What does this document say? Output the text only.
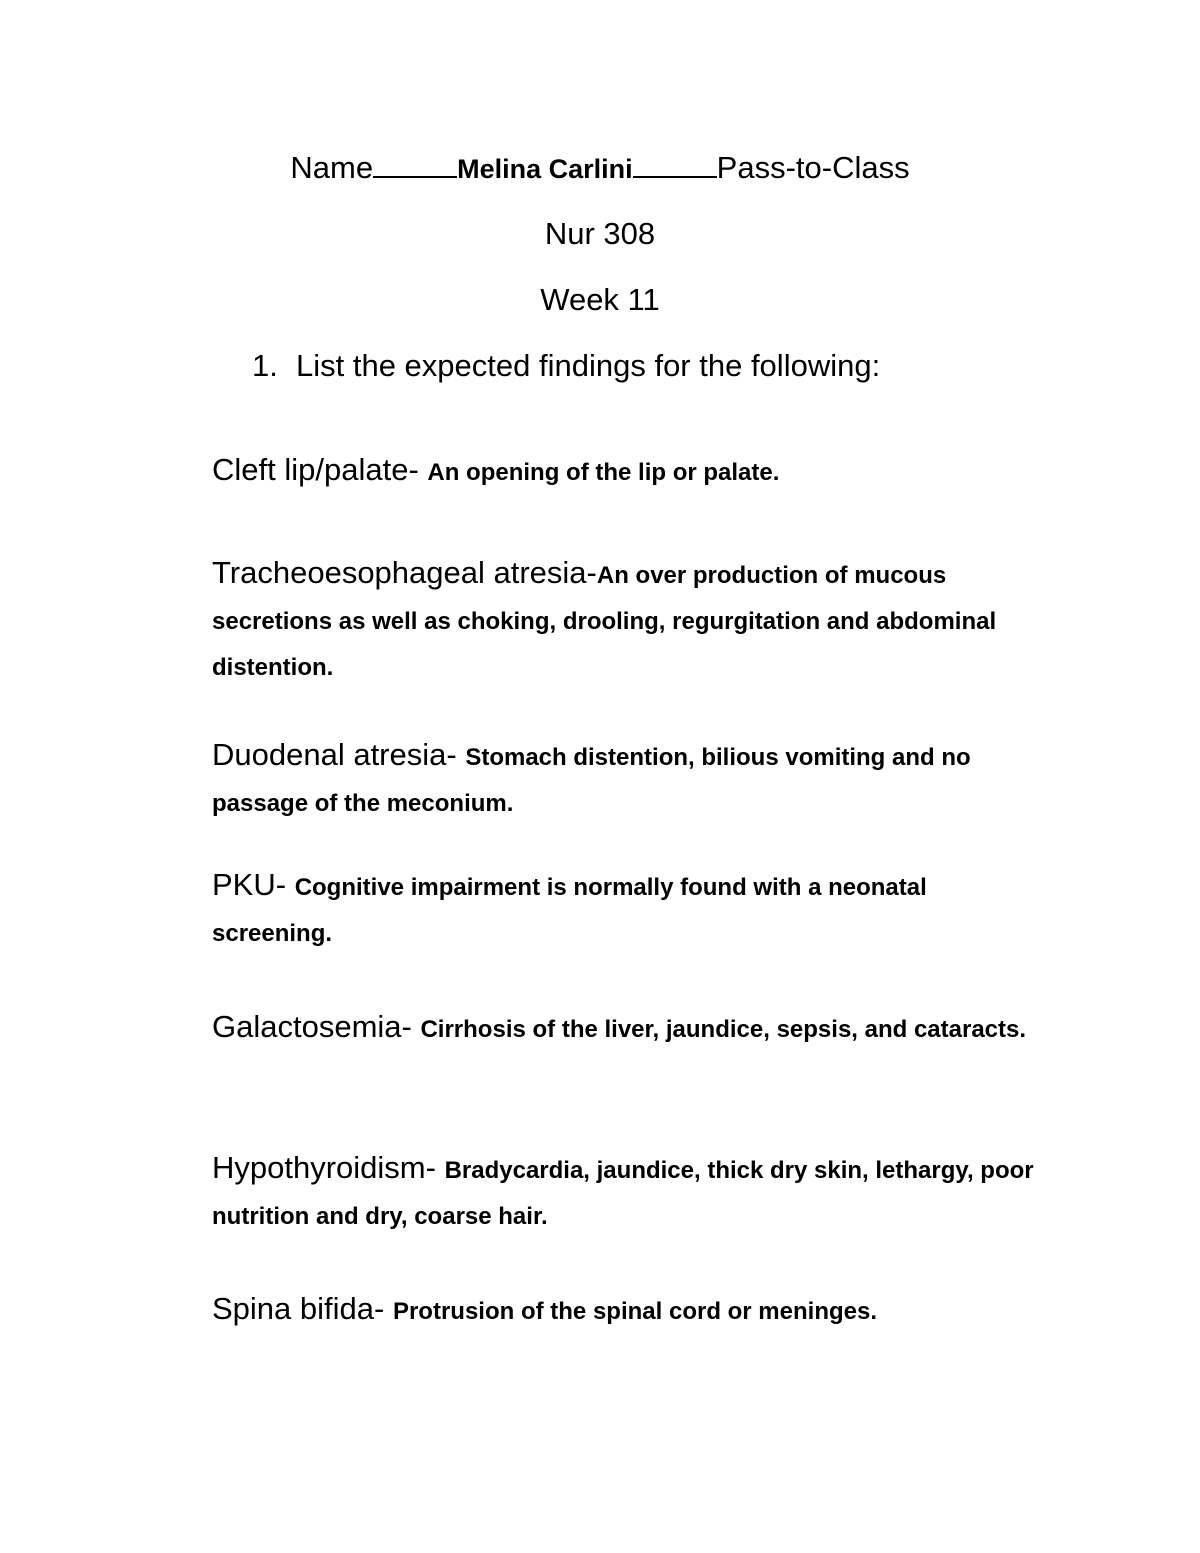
Name	Melina Carlini	Pass-to-Class
Nur 308
Week 11
1. List the expected findings for the following:
Cleft lip/palate- An opening of the lip or palate.
Tracheoesophageal atresia-An over production of mucous secretions as well as choking, drooling, regurgitation and abdominal distention.
Duodenal atresia- Stomach distention, bilious vomiting and no passage of the meconium.
PKU- Cognitive impairment is normally found with a neonatal screening.
Galactosemia- Cirrhosis of the liver, jaundice, sepsis, and cataracts.
Hypothyroidism- Bradycardia, jaundice, thick dry skin, lethargy, poor nutrition and dry, coarse hair.
Spina bifida- Protrusion of the spinal cord or meninges.
